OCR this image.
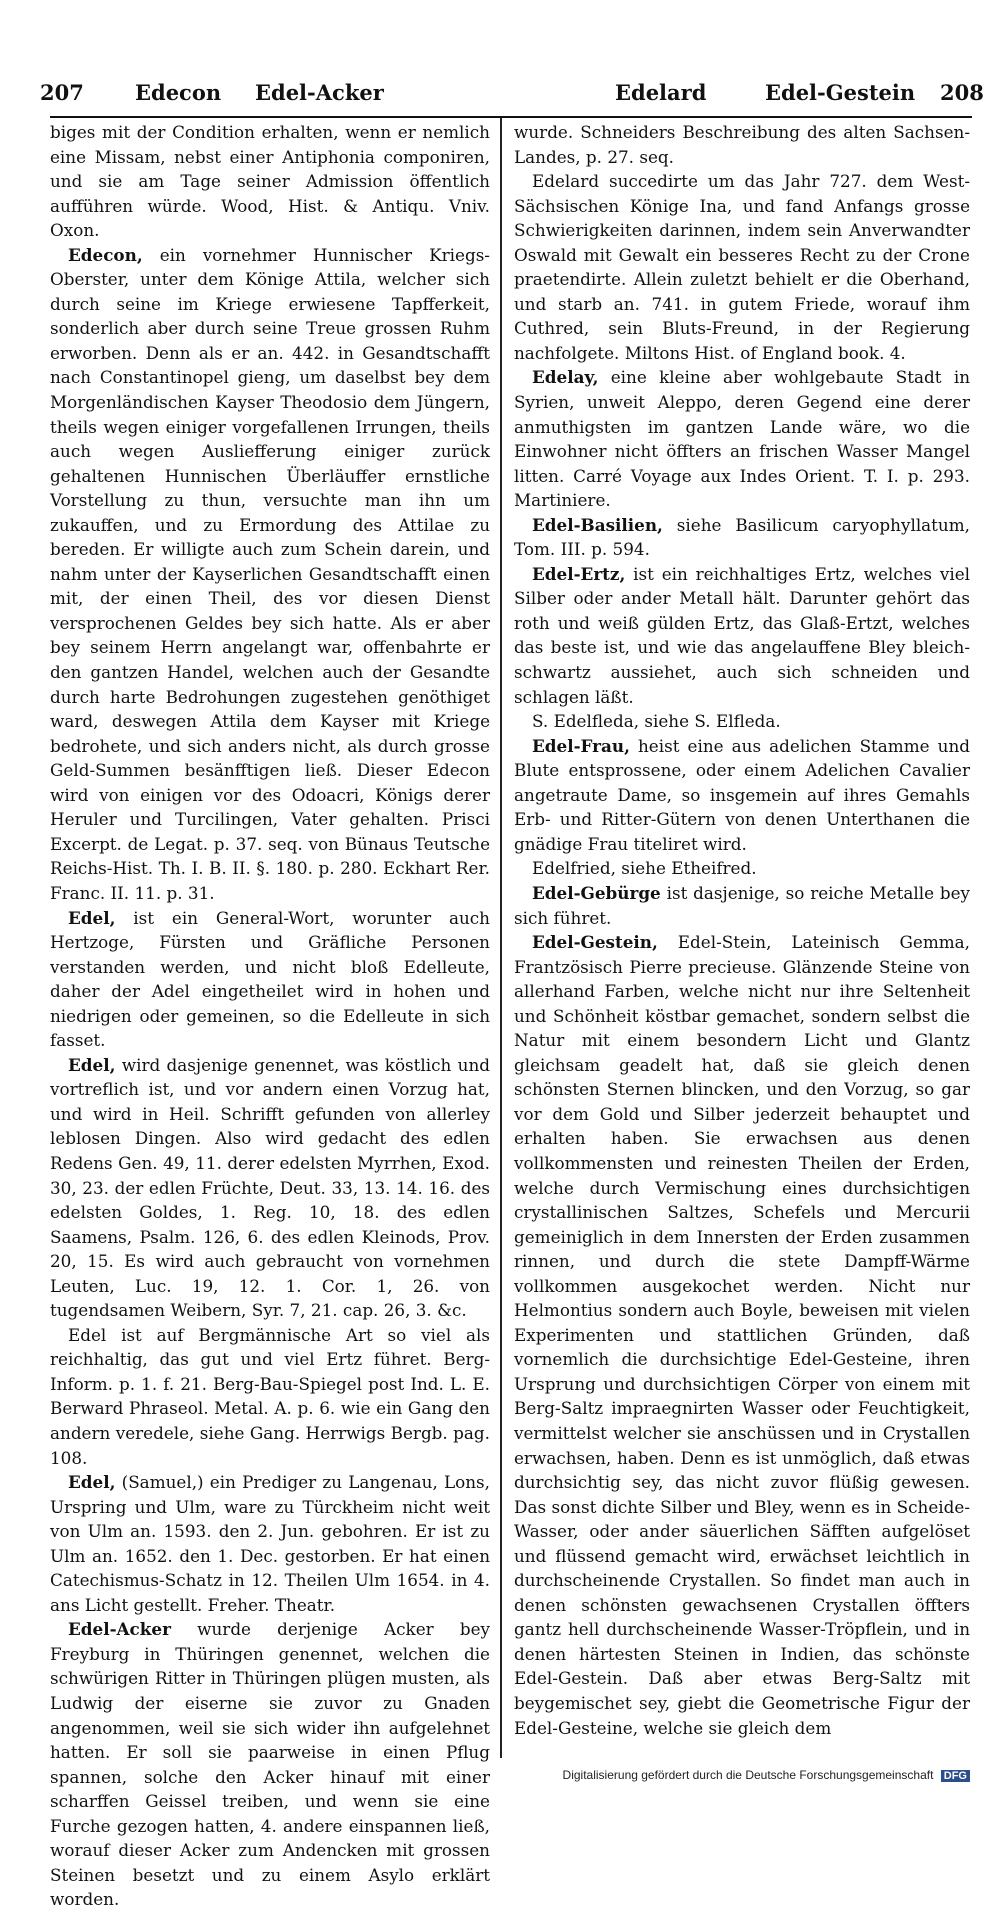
207 Edecon Edel-Acker	Edelard	Edel-Gestein 208

biges mit der Condition erhalten, wenn er nemlich eine Missam, nebst einer Antiphonia componiren, und sie am Tage seiner Admission öffentlich aufführen würde. Wood, Hist. & Antiqu. Vniv. Oxon.

Edecon, ein vornehmer Hunnischer Kriegs-Oberster, unter dem Könige Attila, welcher sich durch seine im Kriege erwiesene Tapfferkeit, sonderlich aber durch seine Treue grossen Ruhm erworben. Denn als er an. 442. in Gesandtschafft nach Constantinopel gieng, um daselbst bey dem Morgenländischen Kayser Theodosio dem Jüngern, theils wegen einiger vorgefallenen Irrungen, theils auch wegen Ausliefferung einiger zurück gehaltenen Hunnischen Überläuffer ernstliche Vorstellung zu thun, versuchte man ihn um zukauffen, und zu Ermordung des Attilae zu bereden. Er willigte auch zum Schein darein, und nahm unter der Kayserlichen Gesandtschafft einen mit, der einen Theil, des vor diesen Dienst versprochenen Geldes bey sich hatte. Als er aber bey seinem Herrn angelangt war, offenbahrte er den gantzen Handel, welchen auch der Gesandte durch harte Bedrohungen zugestehen genöthiget ward, deswegen Attila dem Kayser mit Kriege bedrohete, und sich anders nicht, als durch grosse Geld-Summen besänfftigen ließ. Dieser Edecon wird von einigen vor des Odoacri, Königs derer Heruler und Turcilingen, Vater gehalten. Prisci Excerpt. de Legat. p. 37. seq. von Bünaus Teutsche Reichs-Hist. Th. I. B. II. §. 180. p. 280. Eckhart Rer. Franc. II. 11. p. 31.

Edel, ist ein General-Wort, worunter auch Hertzoge, Fürsten und Gräfliche Personen verstanden werden, und nicht bloß Edelleute, daher der Adel eingetheilet wird in hohen und niedrigen oder gemeinen, so die Edelleute in sich fasset.

Edel, wird dasjenige genennet, was köstlich und vortreflich ist, und vor andern einen Vorzug hat, und wird in Heil. Schrifft gefunden von allerley leblosen Dingen. Also wird gedacht des edlen Redens Gen. 49, 11. derer edelsten Myrrhen, Exod. 30, 23. der edlen Früchte, Deut. 33, 13. 14. 16. des edelsten Goldes, 1. Reg. 10, 18. des edlen Saamens, Psalm. 126, 6. des edlen Kleinods, Prov. 20, 15. Es wird auch gebraucht von vornehmen Leuten, Luc. 19, 12. 1. Cor. 1, 26. von tugendsamen Weibern, Syr. 7, 21. cap. 26, 3. &c.

Edel ist auf Bergmännische Art so viel als reichhaltig, das gut und viel Ertz führet. Berg-Inform. p. 1. f. 21. Berg-Bau-Spiegel post Ind. L. E. Berward Phraseol. Metal. A. p. 6. wie ein Gang den andern veredele, siehe Gang. Herrwigs Bergb. pag. 108.

Edel, (Samuel,) ein Prediger zu Langenau, Lons, Urspring und Ulm, ware zu Türckheim nicht weit von Ulm an. 1593. den 2. Jun. gebohren. Er ist zu Ulm an. 1652. den 1. Dec. gestorben. Er hat einen Catechismus-Schatz in 12. Theilen Ulm 1654. in 4. ans Licht gestellt. Freher. Theatr.

Edel-Acker wurde derjenige Acker bey Freyburg in Thüringen genennet, welchen die schwürigen Ritter in Thüringen plügen musten, als Ludwig der eiserne sie zuvor zu Gnaden angenommen, weil sie sich wider ihn aufgelehnet hatten. Er soll sie paarweise in einen Pflug spannen, solche den Acker hinauf mit einer scharffen Geissel treiben, und wenn sie eine Furche gezogen hatten, 4. andere einspannen ließ, worauf dieser Acker zum Andencken mit grossen Steinen besetzt und zu einem Asylo erklärt worden.

wurde. Schneiders Beschreibung des alten Sachsen-Landes, p. 27. seq.

Edelard succedirte um das Jahr 727. dem West-Sächsischen Könige Ina, und fand Anfangs grosse Schwierigkeiten darinnen, indem sein Anverwandter Oswald mit Gewalt ein besseres Recht zu der Crone praetendirte. Allein zuletzt behielt er die Oberhand, und starb an. 741. in gutem Friede, worauf ihm Cuthred, sein Bluts-Freund, in der Regierung nachfolgete. Miltons Hist. of England book. 4.

Edelay, eine kleine aber wohlgebaute Stadt in Syrien, unweit Aleppo, deren Gegend eine derer anmuthigsten im gantzen Lande wäre, wo die Einwohner nicht öffters an frischen Wasser Mangel litten. Carré Voyage aux Indes Orient. T. I. p. 293. Martiniere.

Edel-Basilien, siehe Basilicum caryophyllatum, Tom. III. p. 594.

Edel-Ertz, ist ein reichhaltiges Ertz, welches viel Silber oder ander Metall hält. Darunter gehört das roth und weiß gülden Ertz, das Glaß-Ertzt, welches das beste ist, und wie das angelauffene Bley bleich-schwartz aussiehet, auch sich schneiden und schlagen läßt.

S. Edelfleda, siehe S. Elfleda.

Edel-Frau, heist eine aus adelichen Stamme und Blute entsprossene, oder einem Adelichen Cavalier angetraute Dame, so insgemein auf ihres Gemahls Erb- und Ritter-Gütern von denen Unterthanen die gnädige Frau titeliret wird.

Edelfried, siehe Etheifred.

Edel-Gebürge ist dasjenige, so reiche Metalle bey sich führet.

Edel-Gestein, Edel-Stein, Lateinisch Gemma, Frantzösisch Pierre precieuse. Glänzende Steine von allerhand Farben, welche nicht nur ihre Seltenheit und Schönheit köstbar gemachet, sondern selbst die Natur mit einem besondern Licht und Glantz gleichsam geadelt hat, daß sie gleich denen schönsten Sternen blincken, und den Vorzug, so gar vor dem Gold und Silber jederzeit behauptet und erhalten haben. Sie erwachsen aus denen vollkommensten und reinesten Theilen der Erden, welche durch Vermischung eines durchsichtigen crystallinischen Saltzes, Schefels und Mercurii gemeiniglich in dem Innersten der Erden zusammen rinnen, und durch die stete Dampff-Wärme vollkommen ausgekochet werden. Nicht nur Helmontius sondern auch Boyle, beweisen mit vielen Experimenten und stattlichen Gründen, daß vornemlich die durchsichtige Edel-Gesteine, ihren Ursprung und durchsichtigen Cörper von einem mit Berg-Saltz impraegnirten Wasser oder Feuchtigkeit, vermittelst welcher sie anschüssen und in Crystallen erwachsen, haben. Denn es ist unmöglich, daß etwas durchsichtig sey, das nicht zuvor flüßig gewesen. Das sonst dichte Silber und Bley, wenn es in Scheide-Wasser, oder ander säuerlichen Säfften aufgelöset und flüssend gemacht wird, erwächset leichtlich in durchscheinende Crystallen. So findet man auch in denen schönsten gewachsenen Crystallen öffters gantz hell durchscheinende Wasser-Tröpflein, und in denen härtesten Steinen in Indien, das schönste Edel-Gestein. Daß aber etwas Berg-Saltz mit beygemischet sey, giebt die Geometrische Figur der Edel-Gesteine, welche sie gleich dem

Digitalisierung gefördert durch die Deutsche Forschungsgemeinschaft DFG
